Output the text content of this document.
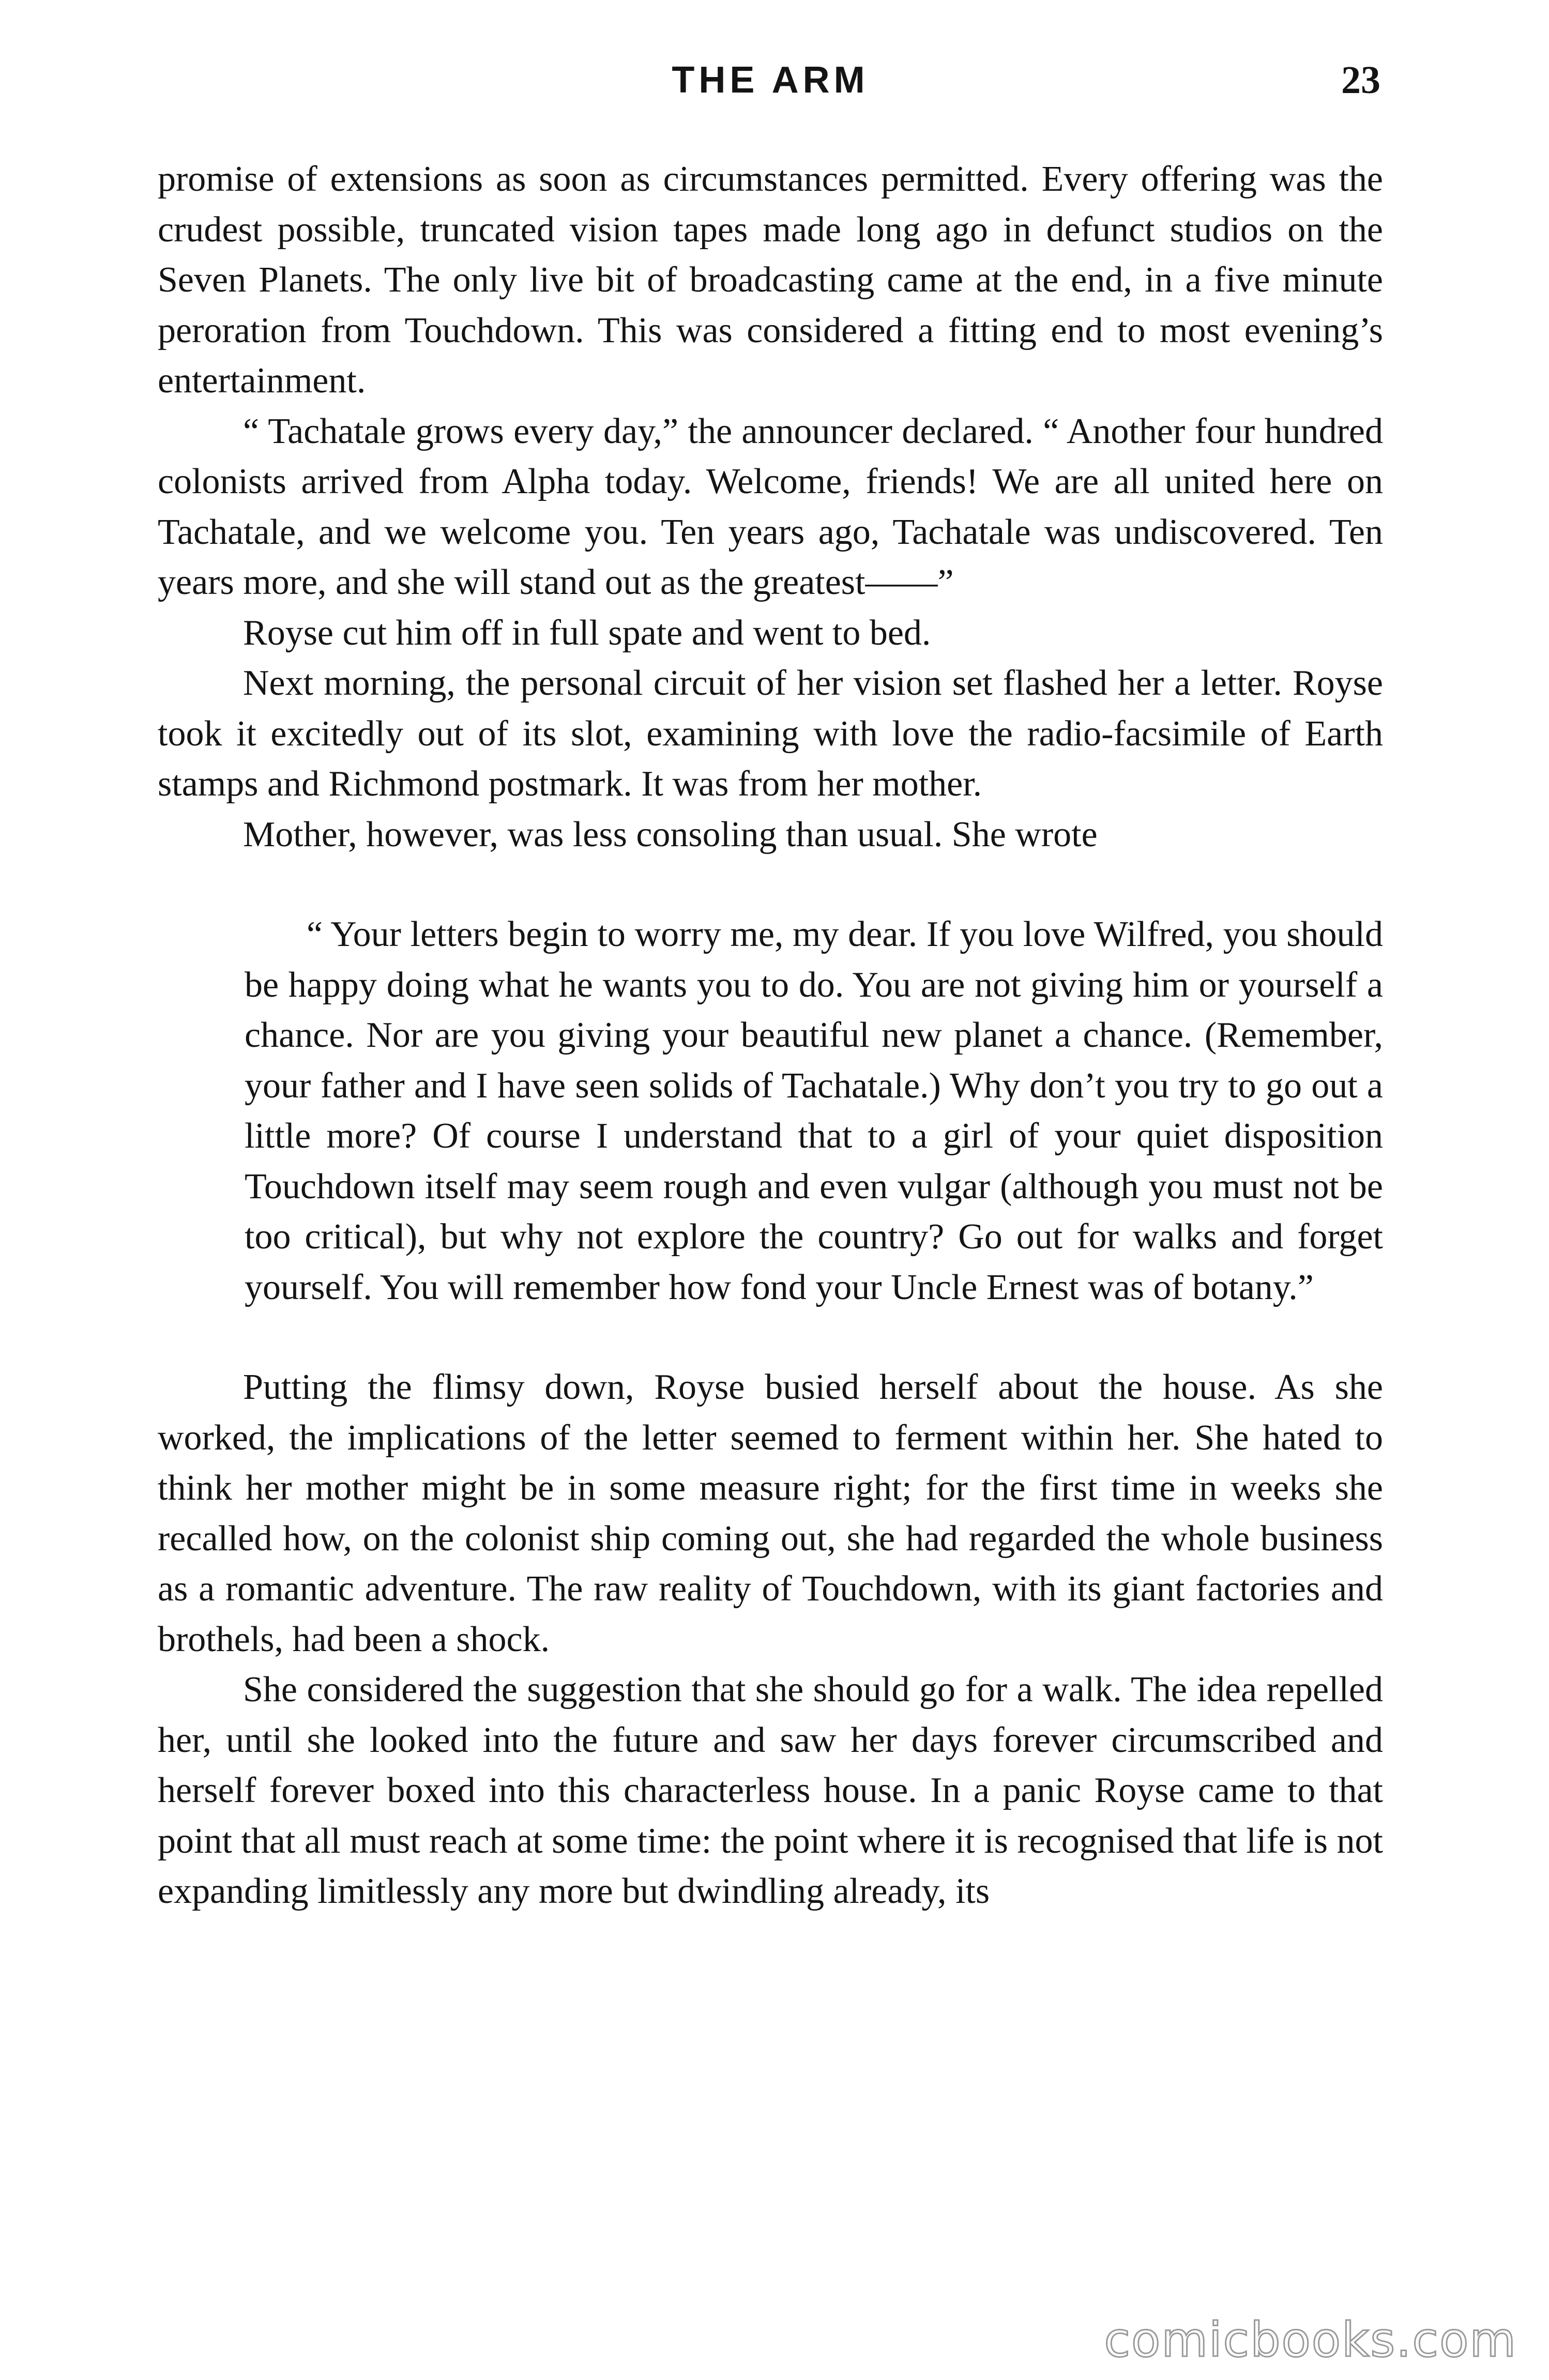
THE ARM	23

promise of extensions as soon as circumstances permitted. Every offering was the crudest possible, truncated vision tapes made long ago in defunct studios on the Seven Planets. The only live bit of broadcasting came at the end, in a five minute peroration from Touchdown. This was considered a fitting end to most evening’s entertainment.

“ Tachatale grows every day,” the announcer declared. “ Another four hundred colonists arrived from Alpha today. Welcome, friends! We are all united here on Tachatale, and we welcome you. Ten years ago, Tachatale was undiscovered. Ten years more, and she will stand out as the greatest——”

Royse cut him off in full spate and went to bed.

Next morning, the personal circuit of her vision set flashed her a letter. Royse took it excitedly out of its slot, examining with love the radio-facsimile of Earth stamps and Richmond postmark. It was from her mother.

Mother, however, was less consoling than usual. She wrote

“ Your letters begin to worry me, my dear. If you love Wilfred, you should be happy doing what he wants you to do. You are not giving him or yourself a chance. Nor are you giving your beautiful new planet a chance. (Remember, your father and I have seen solids of Tachatale.) Why don’t you try to go out a little more? Of course I understand that to a girl of your quiet disposition Touchdown itself may seem rough and even vulgar (although you must not be too critical), but why not explore the country? Go out for walks and forget yourself. You will remember how fond your Uncle Ernest was of botany.”

Putting the flimsy down, Royse busied herself about the house. As she worked, the implications of the letter seemed to ferment within her. She hated to think her mother might be in some measure right; for the first time in weeks she recalled how, on the colonist ship coming out, she had regarded the whole business as a romantic adventure. The raw reality of Touchdown, with its giant factories and brothels, had been a shock.

She considered the suggestion that she should go for a walk. The idea repelled her, until she looked into the future and saw her days forever circumscribed and herself forever boxed into this characterless house. In a panic Royse came to that point that all must reach at some time: the point where it is recognised that life is not expanding limitlessly any more but dwindling already, its

comicbooks.com
